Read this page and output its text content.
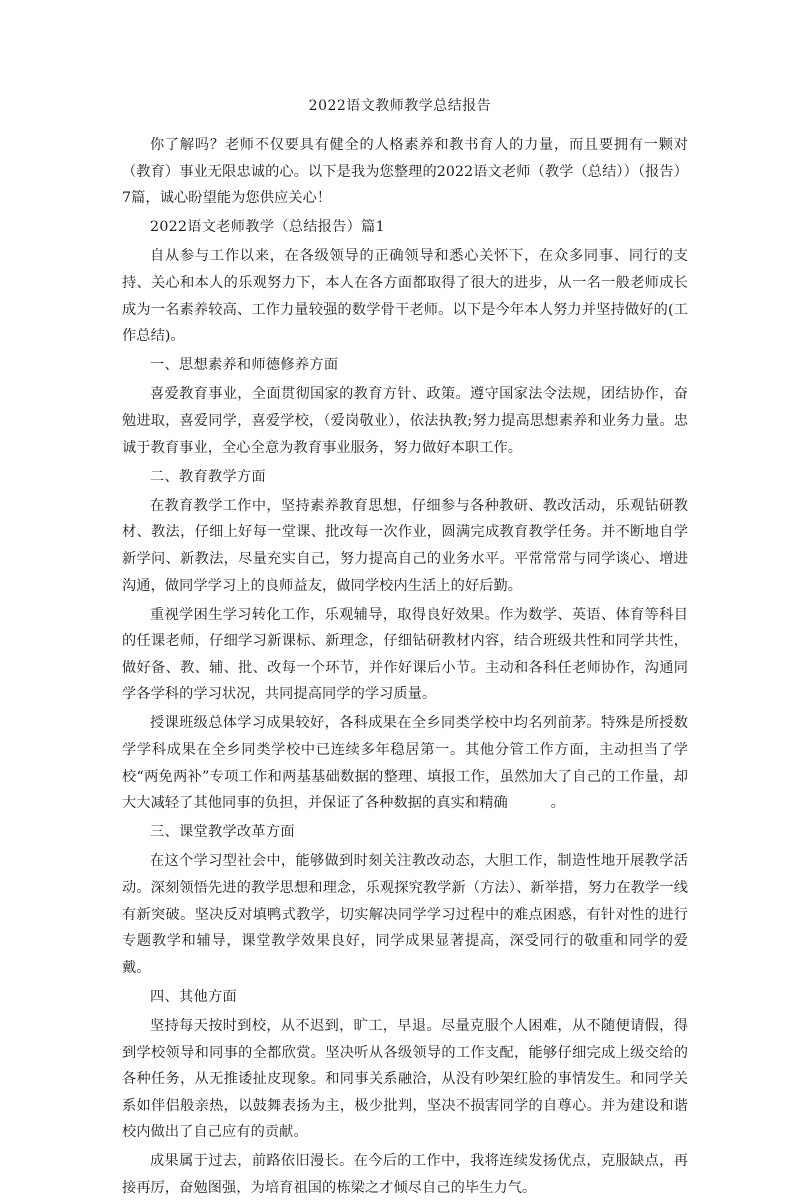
2022语文教师教学总结报告

你了解吗？老师不仅要具有健全的人格素养和教书育人的力量，而且要拥有一颗对（教育）事业无限忠诚的心。以下是我为您整理的2022语文老师（教学（总结））（报告）7篇，诚心盼望能为您供应关心！

2022语文老师教学（总结报告）篇1

自从参与工作以来，在各级领导的正确领导和悉心关怀下，在众多同事、同行的支持、关心和本人的乐观努力下，本人在各方面都取得了很大的进步，从一名一般老师成长成为一名素养较高、工作力量较强的数学骨干老师。以下是今年本人努力并坚持做好的(工作总结)。

一、思想素养和师德修养方面

喜爱教育事业，全面贯彻国家的教育方针、政策。遵守国家法令法规，团结协作，奋勉进取，喜爱同学，喜爱学校，（爱岗敬业），依法执教;努力提高思想素养和业务力量。忠诚于教育事业，全心全意为教育事业服务，努力做好本职工作。

二、教育教学方面

在教育教学工作中，坚持素养教育思想，仔细参与各种教研、教改活动，乐观钻研教材、教法，仔细上好每一堂课、批改每一次作业，圆满完成教育教学任务。并不断地自学新学问、新教法，尽量充实自己，努力提高自己的业务水平。平常常常与同学谈心、增进沟通，做同学学习上的良师益友，做同学校内生活上的好后勤。

重视学困生学习转化工作，乐观辅导，取得良好效果。作为数学、英语、体育等科目的任课老师，仔细学习新课标、新理念，仔细钻研教材内容，结合班级共性和同学共性，做好备、教、辅、批、改每一个环节，并作好课后小节。主动和各科任老师协作，沟通同学各学科的学习状况，共同提高同学的学习质量。

授课班级总体学习成果较好，各科成果在全乡同类学校中均名列前茅。特殊是所授数学学科成果在全乡同类学校中已连续多年稳居第一。其他分管工作方面，主动担当了学校“两免两补”专项工作和两基基础数据的整理、填报工作，虽然加大了自己的工作量，却大大减轻了其他同事的负担，并保证了各种数据的真实和精确　　　。

三、课堂教学改革方面

在这个学习型社会中，能够做到时刻关注教改动态，大胆工作，制造性地开展教学活动。深刻领悟先进的教学思想和理念，乐观探究教学新（方法）、新举措，努力在教学一线有新突破。坚决反对填鸭式教学，切实解决同学学习过程中的难点困惑，有针对性的进行专题教学和辅导，课堂教学效果良好，同学成果显著提高，深受同行的敬重和同学的爱戴。

四、其他方面

坚持每天按时到校，从不迟到，旷工，早退。尽量克服个人困难，从不随便请假，得到学校领导和同事的全都欣赏。坚决听从各级领导的工作支配，能够仔细完成上级交给的各种任务，从无推诿扯皮现象。和同事关系融洽，从没有吵架红脸的事情发生。和同学关系如伴侣般亲热，以鼓舞表扬为主，极少批判，坚决不损害同学的自尊心。并为建设和谐校内做出了自己应有的贡献。

成果属于过去，前路依旧漫长。在今后的工作中，我将连续发扬优点，克服缺点，再接再厉，奋勉图强，为培育祖国的栋梁之才倾尽自己的毕生力气。
